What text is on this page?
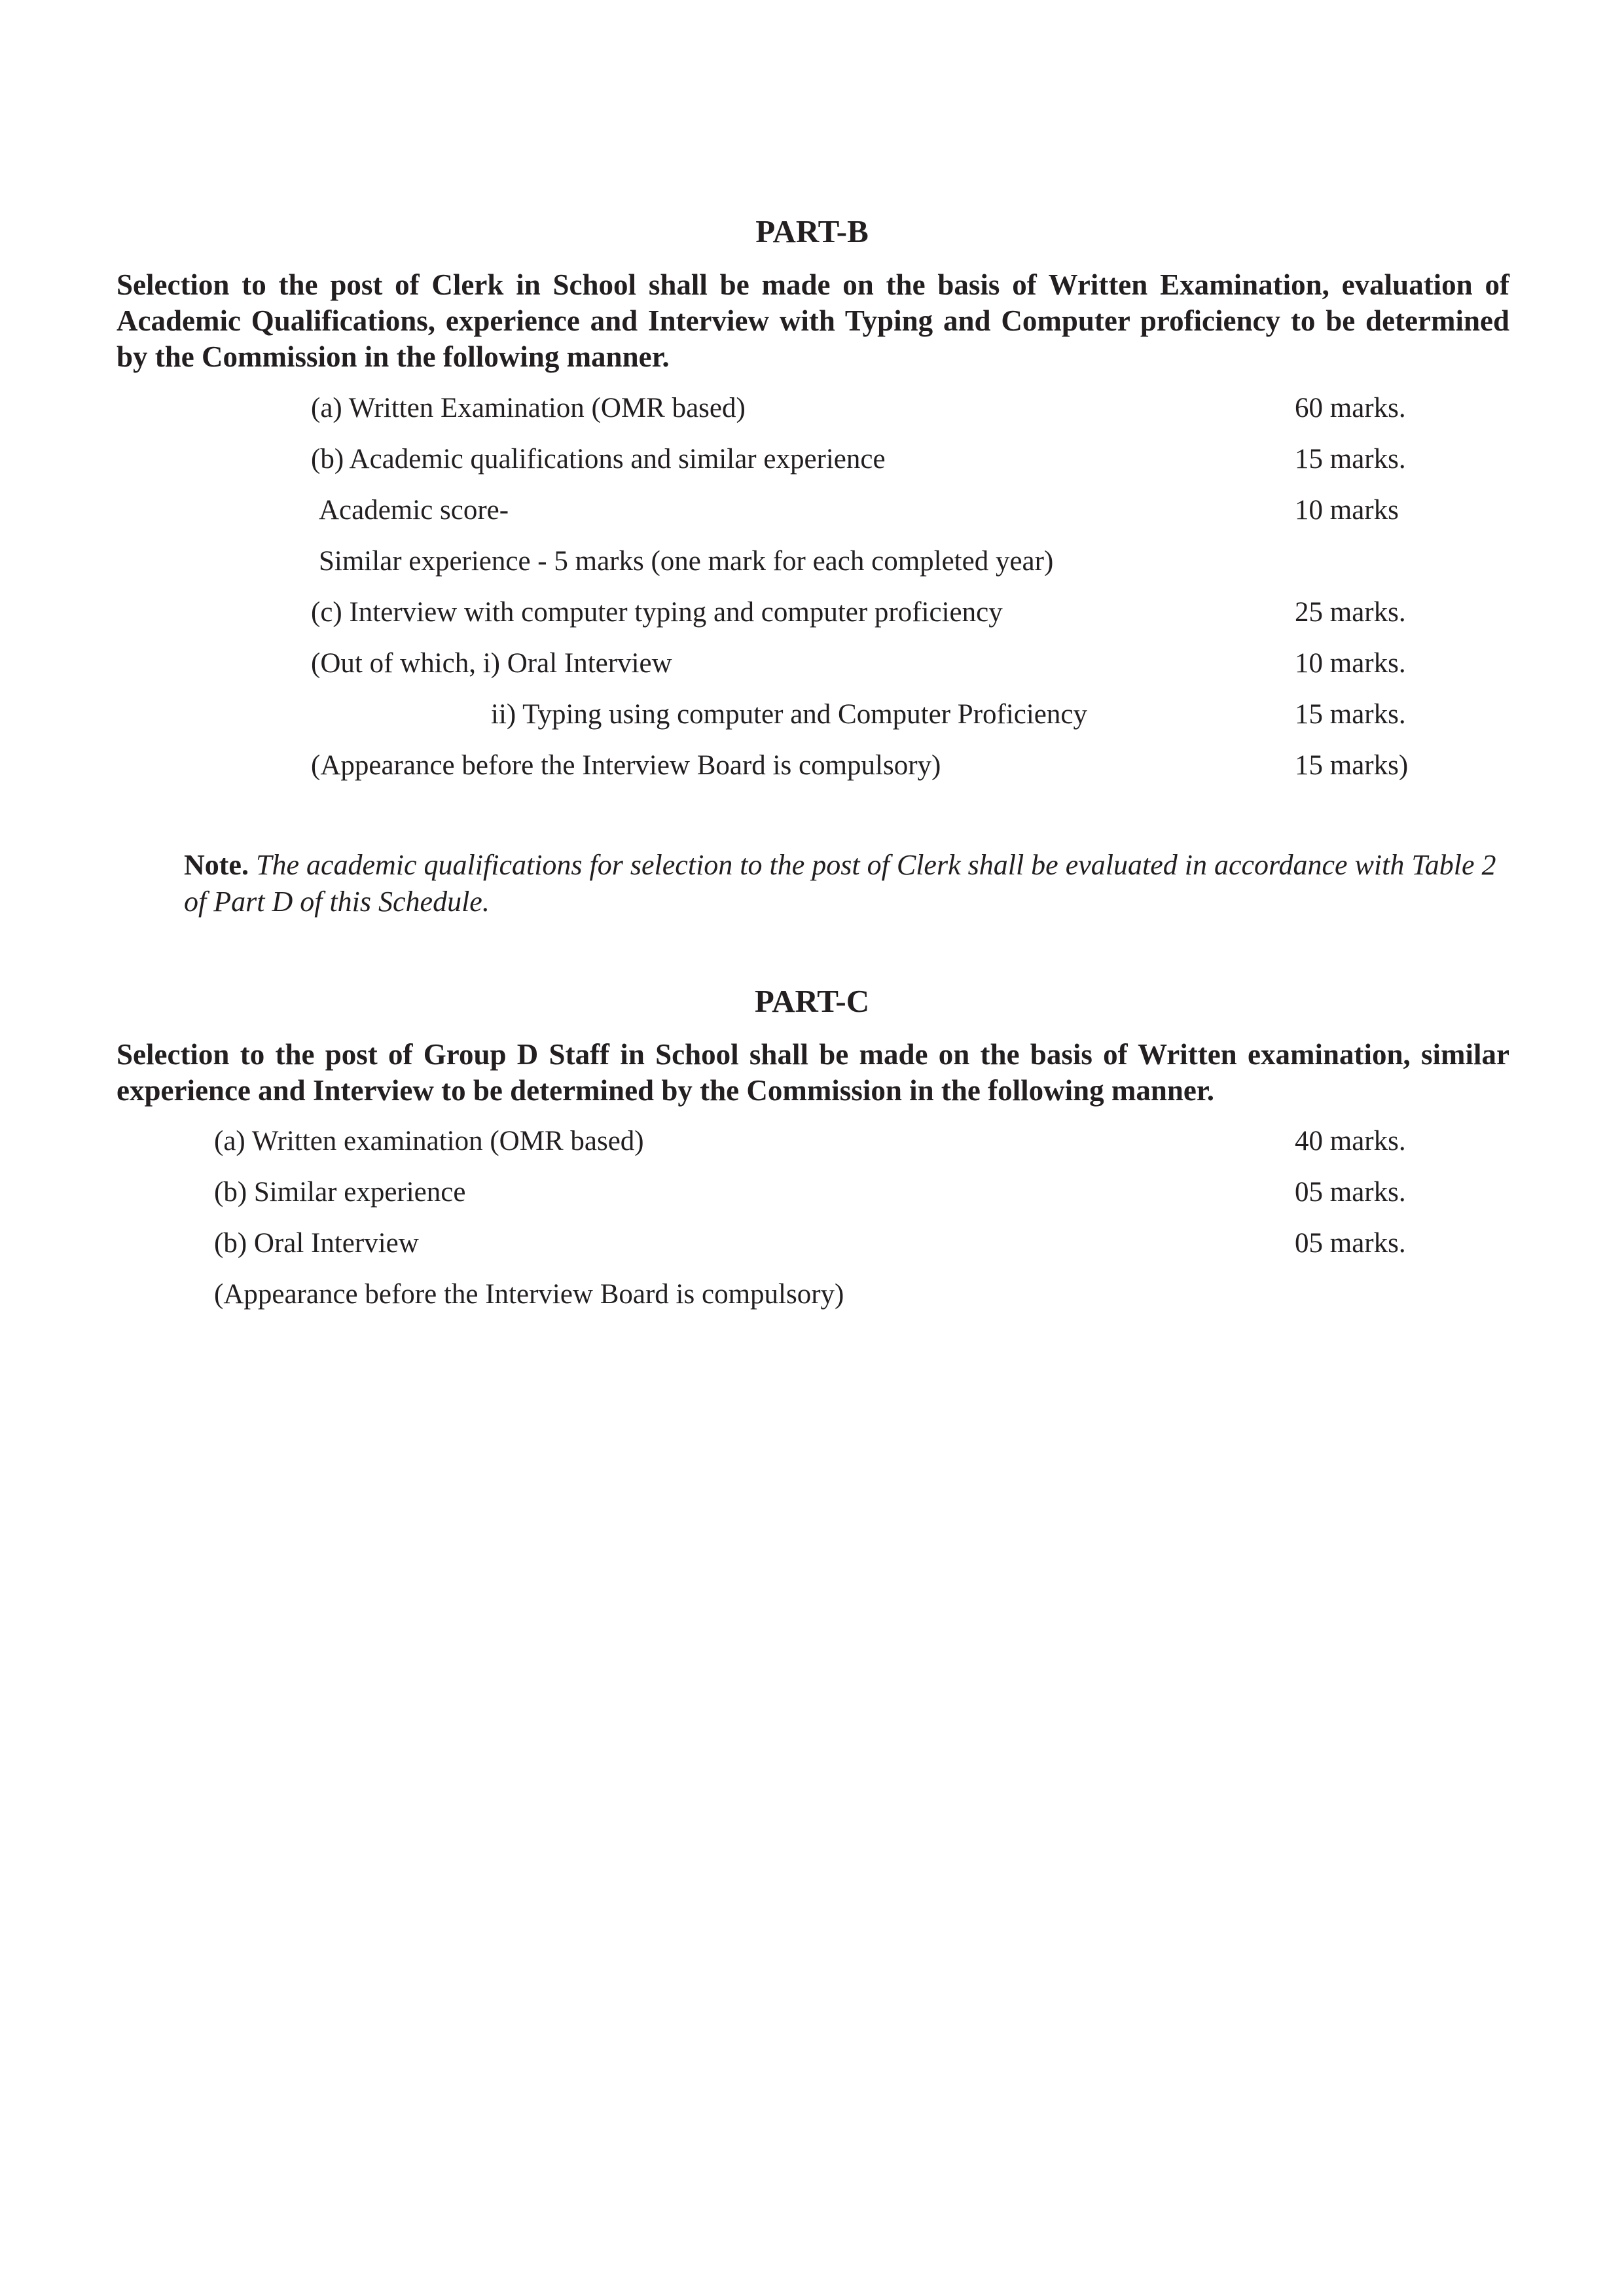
PART-B
Selection to the post of Clerk in School shall be made on the basis of Written Examination, evaluation of Academic Qualifications, experience and Interview with Typing and Computer proficiency to be determined by the Commission in the following manner.
(a) Written Examination (OMR based)	60 marks.
(b) Academic qualifications and similar experience	15 marks.
Academic score-	10 marks
Similar experience - 5 marks (one mark for each completed year)
(c) Interview with computer typing and computer proficiency	25 marks.
(Out of which, i) Oral Interview	10 marks.
ii) Typing using computer and Computer Proficiency	15 marks.
(Appearance before the Interview Board is compulsory)	15 marks)
Note. The academic qualifications for selection to the post of Clerk shall be evaluated in accordance with Table 2 of Part D of this Schedule.
PART-C
Selection to the post of Group D Staff in School shall be made on the basis of Written examination, similar experience and Interview to be determined by the Commission in the following manner.
(a) Written examination (OMR based)	40 marks.
(b) Similar experience	05 marks.
(b) Oral Interview	05 marks.
(Appearance before the Interview Board is compulsory)
